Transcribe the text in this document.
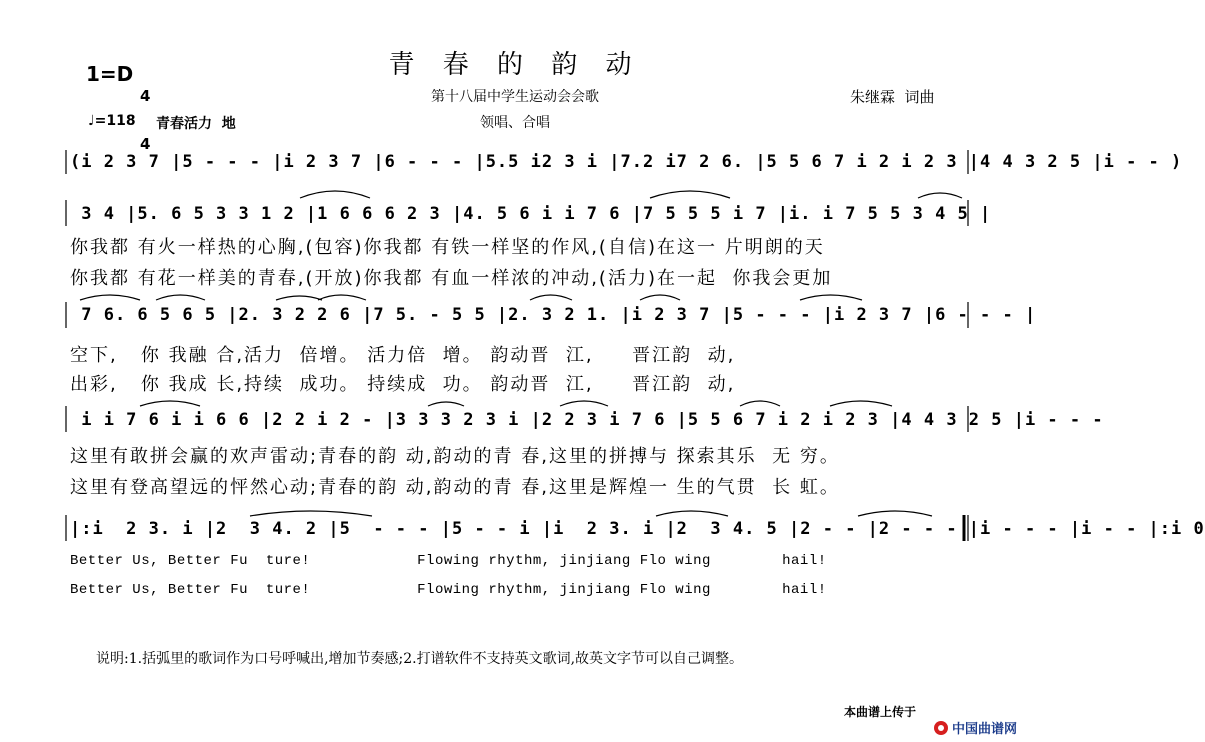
青 春 的 韵 动
1=D

4

4

第十八届中学生运动会会歌	朱继霖  词曲
♩=118 青春活力  地	领唱、合唱
(i 2 3 7 |5 - - - |i 2 3 7 |6 - - - |5.5 i2 3 i |7.2 i7 2 6. |5 5 6 7 i 2 i 2 3 |4 4 3 2 5 |i - - )
3 4 |5. 6 5 3 3 1 2 |1 6 6 6 2 3 |4. 5 6 i i 7 6 |7 5 5 5 i 7 |i. i 7 5 5 3 4 5 |
你我都 有火一样热的心胸,(包容)你我都 有铁一样坚的作风,(自信)在这一 片明朗的天
你我都 有花一样美的青春,(开放)你我都 有血一样浓的冲动,(活力)在一起  你我会更加
7 6. 6 5 6 5 |2. 3 2 2 6 |7 5. - 5 5 |2. 3 2 1. |i 2 3 7 |5 - - - |i 2 3 7 |6 - - - |
空下,   你 我融 合,活力  倍增。 活力倍  增。 韵动晋  江,     晋江韵  动,
出彩,   你 我成 长,持续  成功。 持续成  功。 韵动晋  江,     晋江韵  动,
i i 7 6 i i 6 6 |2 2 i 2 - |3 3 3 2 3 i |2 2 3 i 7 6 |5 5 6 7 i 2 i 2 3 |4 4 3 2 5 |i - - -
这里有敢拼会赢的欢声雷动;青春的韵 动,韵动的青 春,这里的拼搏与 探索其乐  无 穷。
这里有登高望远的怦然心动;青春的韵 动,韵动的青 春,这里是辉煌一 生的气贯  长 虹。
|:i  2 3. i |2  3 4. 2 |5  - - - |5 - - i |i  2 3. i |2  3 4. 5 |2 - - |2 - - - |i - - - |i - - |:i 0
Better Us, Better Fu  ture!            Flowing rhythm, jinjiang Flo wing        hail!
Better Us, Better Fu  ture!            Flowing rhythm, jinjiang Flo wing        hail!
说明:1.括弧里的歌词作为口号呼喊出,增加节奏感;2.打谱软件不支持英文歌词,故英文字节可以自己调整。
本曲谱上传于

中国曲谱网
